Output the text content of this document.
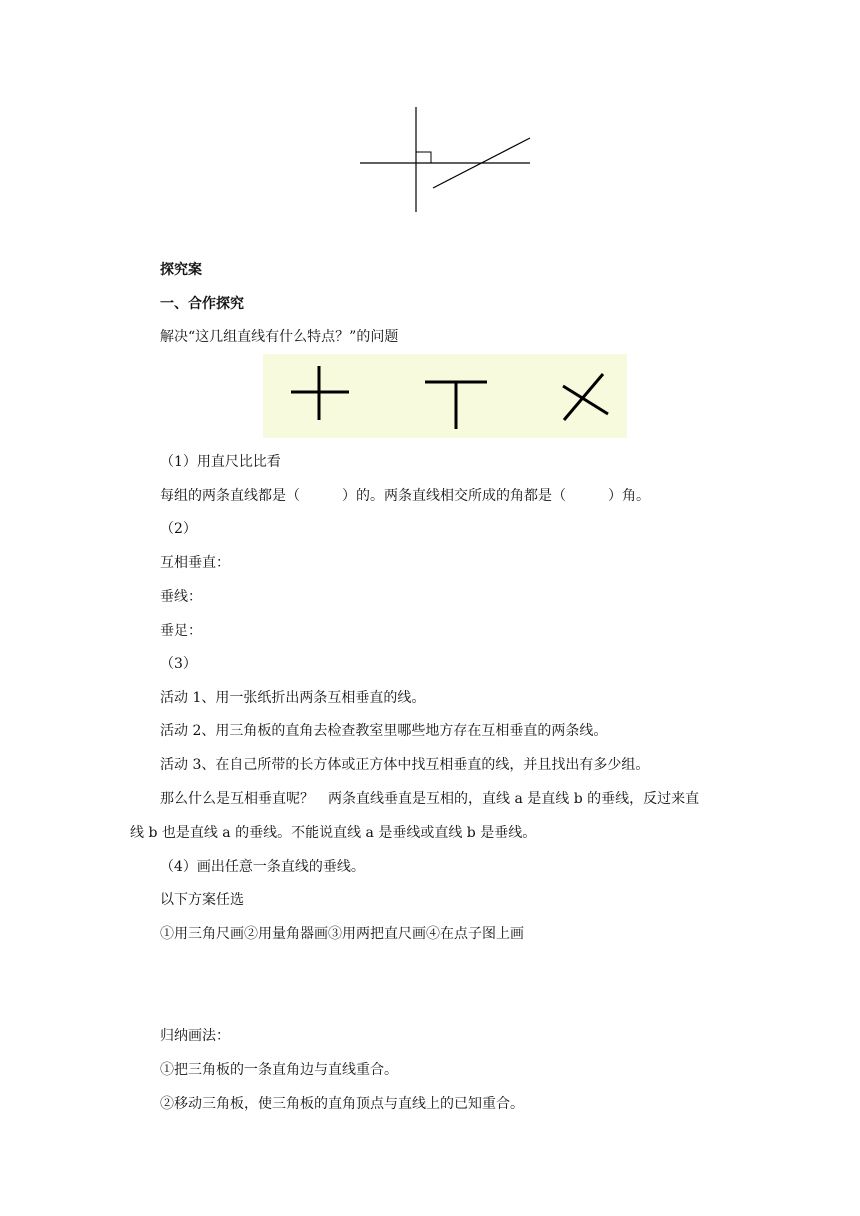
探究案
一、合作探究
解决“这几组直线有什么特点？”的问题
（1）用直尺比比看
每组的两条直线都是（　　　）的。两条直线相交所成的角都是（　　　）角。
（2）
互相垂直：
垂线：
垂足：
（3）
活动 1、用一张纸折出两条互相垂直的线。
活动 2、用三角板的直角去检查教室里哪些地方存在互相垂直的两条线。
活动 3、在自己所带的长方体或正方体中找互相垂直的线，并且找出有多少组。
那么什么是互相垂直呢？　两条直线垂直是互相的，直线 a 是直线 b 的垂线，反过来直
线 b 也是直线 a 的垂线。不能说直线 a 是垂线或直线 b 是垂线。
（4）画出任意一条直线的垂线。
以下方案任选
①用三角尺画②用量角器画③用两把直尺画④在点子图上画
归纳画法：
①把三角板的一条直角边与直线重合。
②移动三角板，使三角板的直角顶点与直线上的已知重合。
